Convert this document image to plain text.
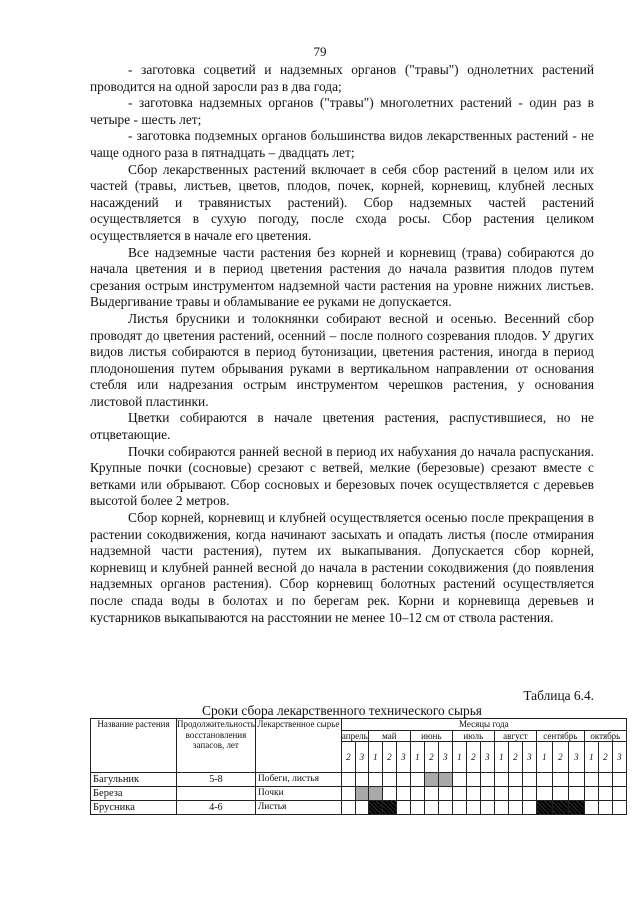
79

- заготовка соцветий и надземных органов ("травы") однолетних растений проводится на одной заросли раз в два года;

- заготовка надземных органов ("травы") многолетних растений - один раз в четыре - шесть лет;

- заготовка подземных органов большинства видов лекарственных растений - не чаще одного раза в пятнадцать – двадцать лет;

Сбор лекарственных растений включает в себя сбор растений в целом или их частей (травы, листьев, цветов, плодов, почек, корней, корневищ, клубней лесных насаждений и травянистых растений). Сбор надземных частей растений осуществляется в сухую погоду, после схода росы. Сбор растения целиком осуществляется в начале его цветения.

Все надземные части растения без корней и корневищ (трава) собираются до начала цветения и в период цветения растения до начала развития плодов путем срезания острым инструментом надземной части растения на уровне нижних листьев. Выдергивание травы и обламывание ее руками не допускается.

Листья брусники и толокнянки собирают весной и осенью. Весенний сбор проводят до цветения растений, осенний – после полного созревания плодов. У других видов листья собираются в период бутонизации, цветения растения, иногда в период плодоношения путем обрывания руками в вертикальном направлении от основания стебля или надрезания острым инструментом черешков растения, у основания листовой пластинки.

Цветки собираются в начале цветения растения, распустившиеся, но не отцветающие.

Почки собираются ранней весной в период их набухания до начала распускания. Крупные почки (сосновые) срезают с ветвей, мелкие (березовые) срезают вместе с ветками или обрывают. Сбор сосновых и березовых почек осуществляется с деревьев высотой более 2 метров.

Сбор корней, корневищ и клубней осуществляется осенью после прекращения в растении сокодвижения, когда начинают засыхать и опадать листья (после отмирания надземной части растения), путем их выкапывания. Допускается сбор корней, корневищ и клубней ранней весной до начала в растении сокодвижения (до появления надземных органов растения). Сбор корневищ болотных растений осуществляется после спада воды в болотах и по берегам рек. Корни и корневища деревьев и кустарников выкапываются на расстоянии не менее 10–12 см от ствола растения.

Таблица 6.4.
Сроки сбора лекарственного технического сырья
Название растения	Продолжительность восстановления запасов, лет	Лекарственное сырье	Месяцы года																			
			апрель		май			июнь			июль			август			сентябрь			октябрь		
			2	3	1	2	3	1	2	3	1	2	3	1	2	3	1	2	3	1	2	3
Багульник	5-8	Побеги, листья																				
Береза		Почки																				
Брусника	4-6	Листья																				
